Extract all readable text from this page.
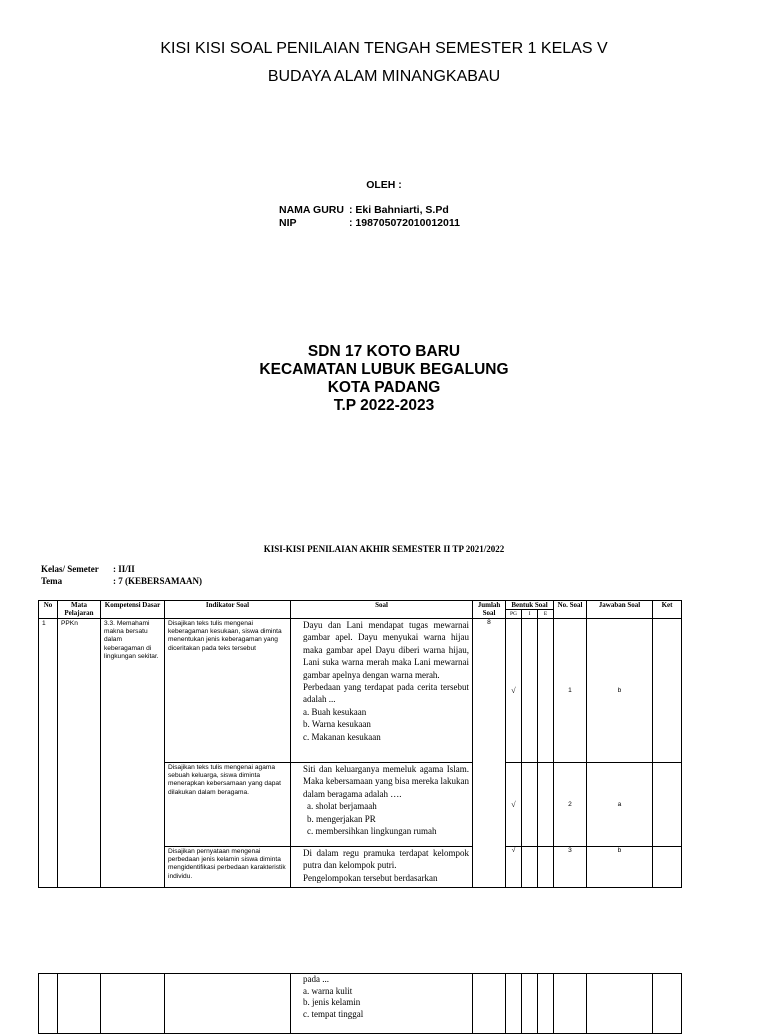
KISI KISI SOAL PENILAIAN TENGAH SEMESTER 1 KELAS V
BUDAYA ALAM MINANGKABAU
OLEH :
NAMA GURU : Eki Bahniarti, S.Pd
NIP	: 198705072010012011
SDN 17 KOTO BARU
KECAMATAN LUBUK BEGALUNG
KOTA PADANG
T.P 2022-2023
KISI-KISI PENILAIAN AKHIR SEMESTER II TP 2021/2022
Kelas/ Semeter : II/II
Tema	: 7 (KEBERSAMAAN)
No	Mata Pelajaran	Kompetensi Dasar	Indikator Soal	Soal	Jumlah Soal	Bentuk Soal			No. Soal	Jawaban Soal	Ket
						PG	I	E			
1	PPKn	3.3. Memahami makna bersatu dalam keberagaman di lingkungan sekitar.	Disajikan teks tulis mengenai keberagaman kesukaan, siswa diminta menentukan jenis keberagaman yang diceritakan pada teks tersebut	Dayu dan Lani mendapat tugas mewarnai gambar apel. Dayu menyukai warna hijau maka gambar apel Dayu diberi warna hijau, Lani suka warna merah maka Lani mewarnai gambar apelnya dengan warna merah.
Perbedaan yang terdapat pada cerita tersebut adalah ...
a. Buah kesukaan
b. Warna kesukaan
c. Makanan kesukaan	8	√			1	b	
			Disajikan teks tulis mengenai agama sebuah keluarga, siswa diminta menerapkan kebersamaan yang dapat dilakukan dalam beragama.	Siti dan keluarganya memeluk agama Islam. Maka kebersamaan yang bisa mereka lakukan dalam beragama adalah ….
a. sholat berjamaah
b. mengerjakan PR
c. membersihkan lingkungan rumah		√			2	a	
			Disajikan pernyataan mengenai perbedaan jenis kelamin siswa diminta mengidentifikasi perbedaan karakteristik individu.	Di dalam regu pramuka terdapat kelompok putra dan kelompok putri.
Pengelompokan tersebut berdasarkan		√			3	b	

pada ...
a. warna kulit
b. jenis kelamin
c. tempat tinggal
